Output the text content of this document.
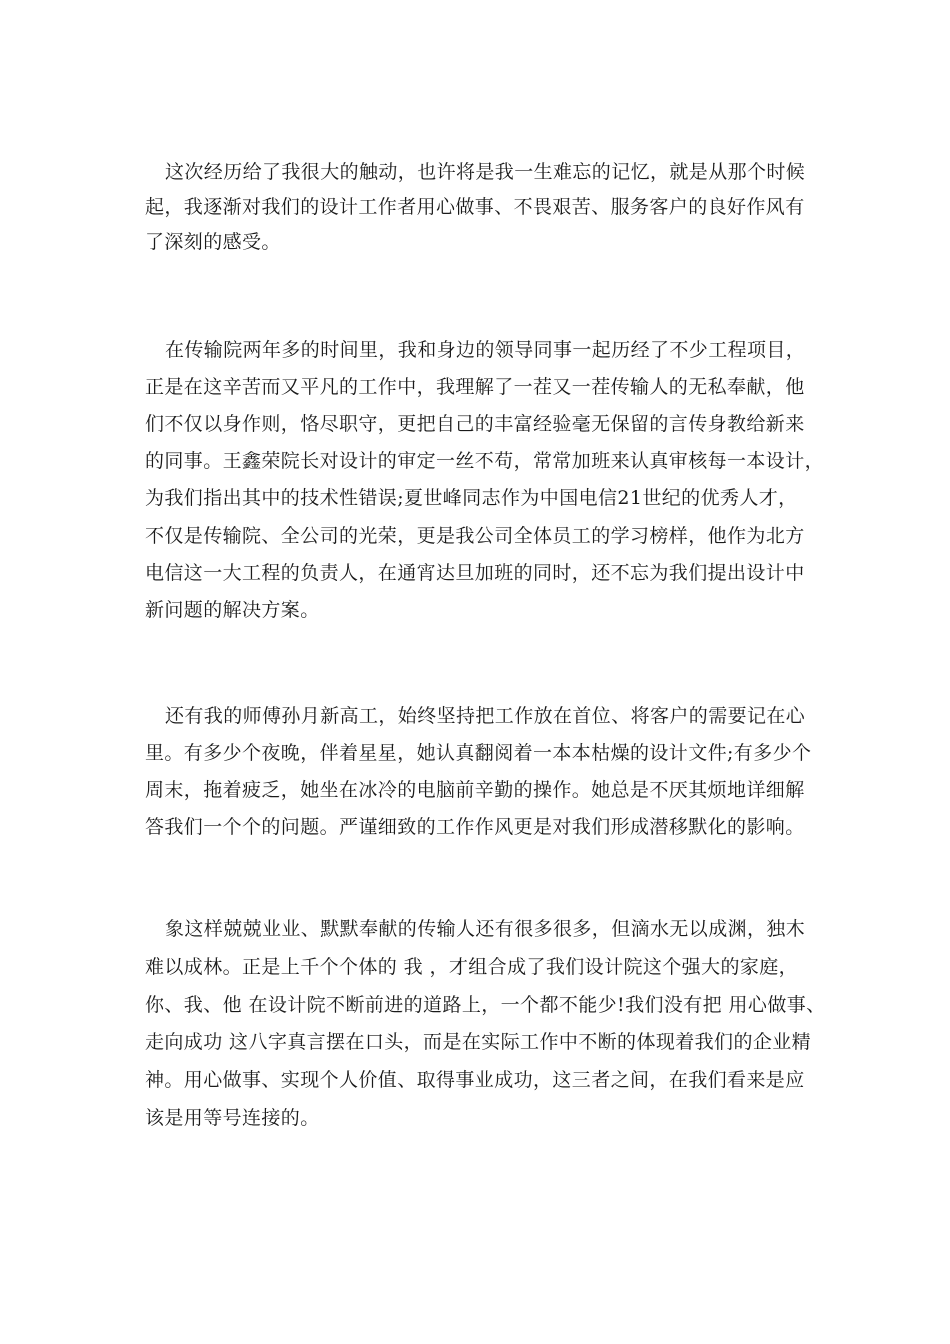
这次经历给了我很大的触动，也许将是我一生难忘的记忆，就是从那个时候
起，我逐渐对我们的设计工作者用心做事、不畏艰苦、服务客户的良好作风有
了深刻的感受。
在传输院两年多的时间里，我和身边的领导同事一起历经了不少工程项目，
正是在这辛苦而又平凡的工作中，我理解了一茬又一茬传输人的无私奉献，他
们不仅以身作则，恪尽职守，更把自己的丰富经验毫无保留的言传身教给新来
的同事。王鑫荣院长对设计的审定一丝不苟，常常加班来认真审核每一本设计，
为我们指出其中的技术性错误;夏世峰同志作为中国电信21世纪的优秀人才，
不仅是传输院、全公司的光荣，更是我公司全体员工的学习榜样，他作为北方
电信这一大工程的负责人，在通宵达旦加班的同时，还不忘为我们提出设计中
新问题的解决方案。
还有我的师傅孙月新高工，始终坚持把工作放在首位、将客户的需要记在心
里。有多少个夜晚，伴着星星，她认真翻阅着一本本枯燥的设计文件;有多少个
周末，拖着疲乏，她坐在冰冷的电脑前辛勤的操作。她总是不厌其烦地详细解
答我们一个个的问题。严谨细致的工作作风更是对我们形成潜移默化的影响。
象这样兢兢业业、默默奉献的传输人还有很多很多，但滴水无以成渊，独木
难以成林。正是上千个个体的 我 ，才组合成了我们设计院这个强大的家庭，
你、我、他 在设计院不断前进的道路上，一个都不能少!我们没有把 用心做事、
走向成功 这八字真言摆在口头，而是在实际工作中不断的体现着我们的企业精
神。用心做事、实现个人价值、取得事业成功，这三者之间，在我们看来是应
该是用等号连接的。
